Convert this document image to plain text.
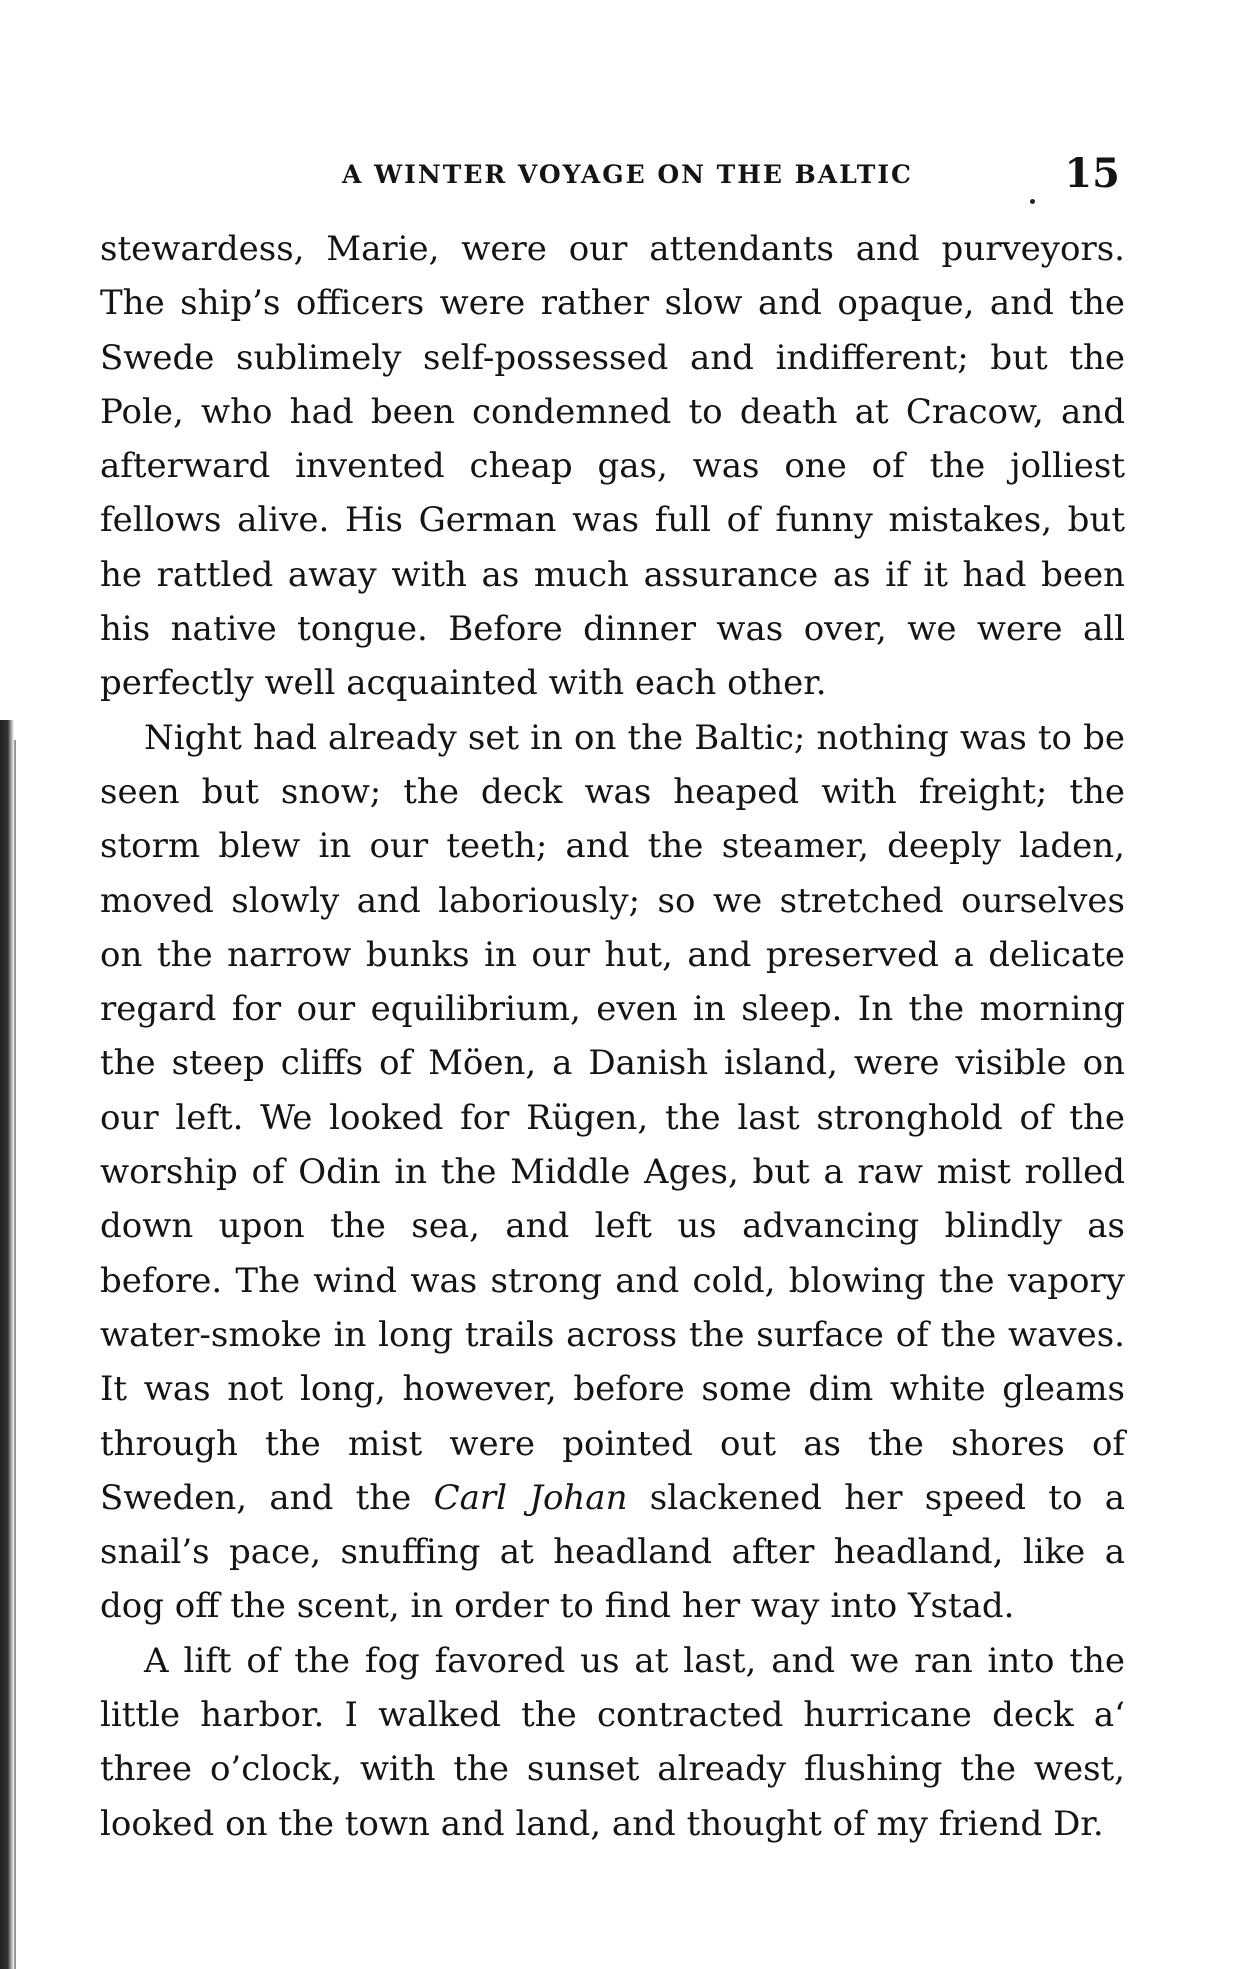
A WINTER VOYAGE ON THE BALTIC	15

stewardess, Marie, were our attendants and purveyors. The ship’s officers were rather slow and opaque, and the Swede sublimely self-possessed and indifferent; but the Pole, who had been condemned to death at Cracow, and afterward invented cheap gas, was one of the jolliest fellows alive. His German was full of funny mistakes, but he rattled away with as much assurance as if it had been his native tongue. Before dinner was over, we were all perfectly well acquainted with each other.

Night had already set in on the Baltic; nothing was to be seen but snow; the deck was heaped with freight; the storm blew in our teeth; and the steamer, deeply laden, moved slowly and laboriously; so we stretched ourselves on the narrow bunks in our hut, and preserved a delicate regard for our equilibrium, even in sleep. In the morning the steep cliffs of Möen, a Danish island, were visible on our left. We looked for Rügen, the last stronghold of the worship of Odin in the Middle Ages, but a raw mist rolled down upon the sea, and left us advancing blindly as before. The wind was strong and cold, blowing the vapory water-smoke in long trails across the surface of the waves. It was not long, however, before some dim white gleams through the mist were pointed out as the shores of Sweden, and the Carl Johan slackened her speed to a snail’s pace, snuffing at headland after headland, like a dog off the scent, in order to find her way into Ystad.

A lift of the fog favored us at last, and we ran into the little harbor. I walked the contracted hurricane deck a‘ three o’clock, with the sunset already flushing the west, looked on the town and land, and thought of my friend Dr.
